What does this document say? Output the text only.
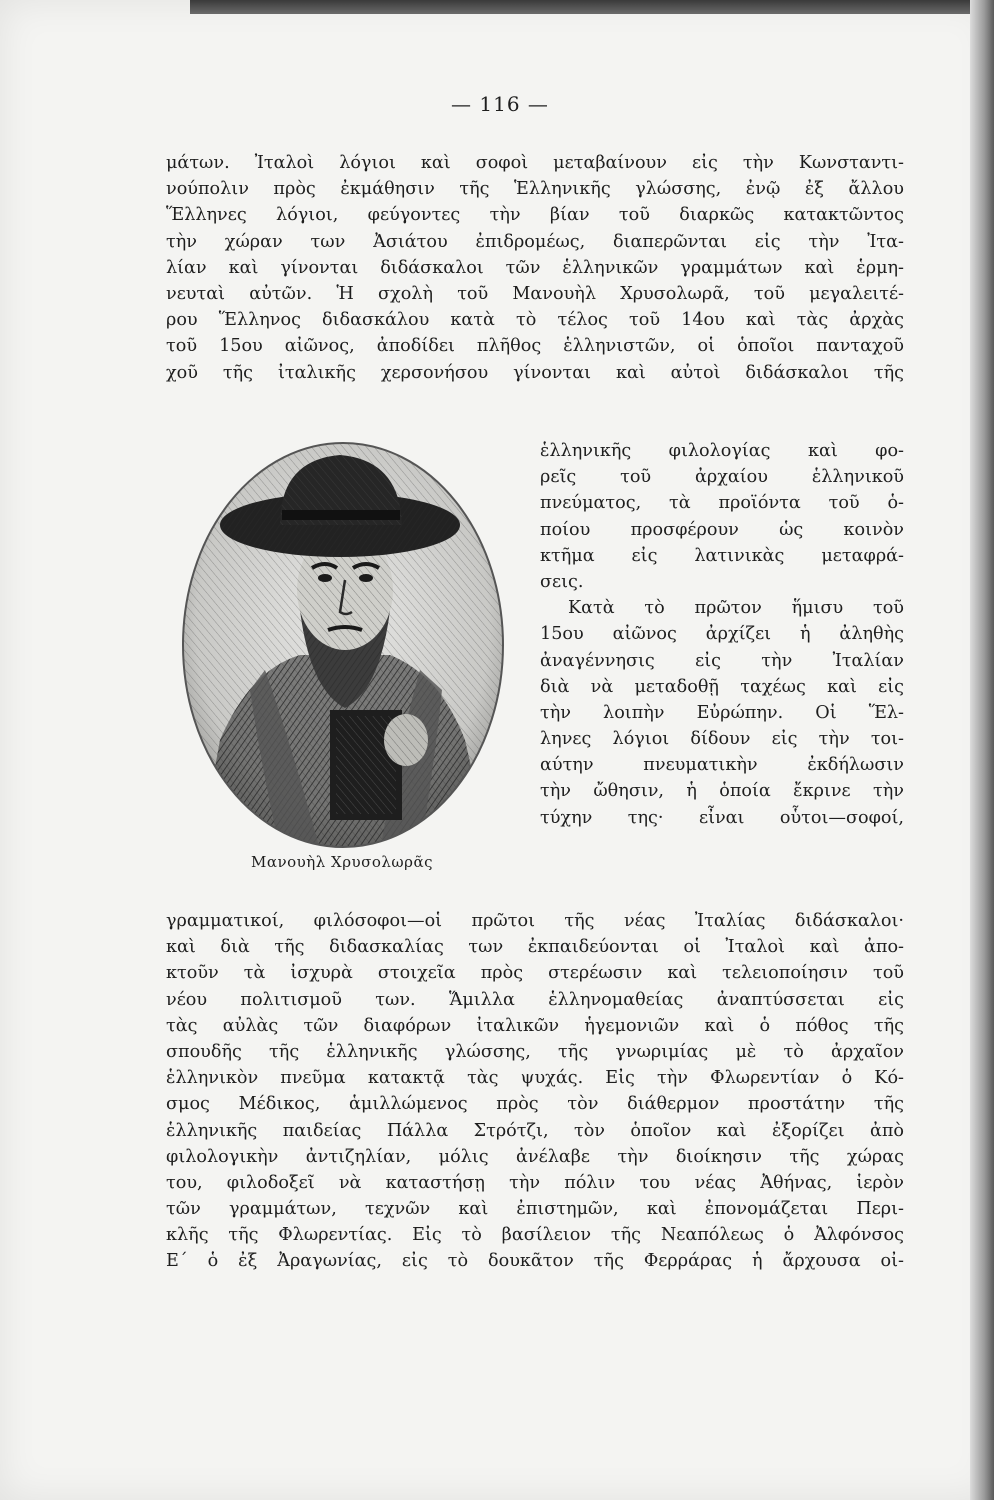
— 116 —
μάτων. Ἰταλοὶ λόγιοι καὶ σοφοὶ μεταβαίνουν εἰς τὴν Κωνσταντι-
νούπολιν πρὸς ἐκμάθησιν τῆς Ἑλληνικῆς γλώσσης, ἐνῷ ἐξ ἄλλου
Ἕλληνες λόγιοι, φεύγοντες τὴν βίαν τοῦ διαρκῶς κατακτῶντος
τὴν χώραν των Ἀσιάτου ἐπιδρομέως, διαπερῶνται εἰς τὴν Ἰτα-
λίαν καὶ γίνονται διδάσκαλοι τῶν ἑλληνικῶν γραμμάτων καὶ ἑρμη-
νευταὶ αὐτῶν. Ἡ σχολὴ τοῦ Μανουὴλ Χρυσολωρᾶ, τοῦ μεγαλειτέ-
ρου Ἕλληνος διδασκάλου κατὰ τὸ τέλος τοῦ 14ου καὶ τὰς ἀρχὰς
τοῦ 15ου αἰῶνος, ἀποδίδει πλῆθος ἑλληνιστῶν, οἱ ὁποῖοι πανταχοῦ
χοῦ τῆς ἰταλικῆς χερσονήσου γίνονται καὶ αὐτοὶ διδάσκαλοι τῆς
Μανουὴλ Χρυσολωρᾶς
ἑλληνικῆς φιλολογίας καὶ φο-
ρεῖς τοῦ ἀρχαίου ἑλληνικοῦ
πνεύματος, τὰ προϊόντα τοῦ ὁ-
ποίου προσφέρουν ὡς κοινὸν
κτῆμα εἰς λατινικὰς μεταφρά-
σεις.
Κατὰ τὸ πρῶτον ἥμισυ τοῦ
15ου αἰῶνος ἀρχίζει ἡ ἀληθὴς
ἀναγέννησις εἰς τὴν Ἰταλίαν
διὰ νὰ μεταδοθῇ ταχέως καὶ εἰς
τὴν λοιπὴν Εὐρώπην. Οἱ Ἕλ-
ληνες λόγιοι δίδουν εἰς τὴν τοι-
αύτην πνευματικὴν ἐκδήλωσιν
τὴν ὤθησιν, ἡ ὁποία ἔκρινε τὴν
τύχην της· εἶναι οὗτοι—σοφοί,
γραμματικοί, φιλόσοφοι—οἱ πρῶτοι τῆς νέας Ἰταλίας διδάσκαλοι·
καὶ διὰ τῆς διδασκαλίας των ἐκπαιδεύονται οἱ Ἰταλοὶ καὶ ἀπο-
κτοῦν τὰ ἰσχυρὰ στοιχεῖα πρὸς στερέωσιν καὶ τελειοποίησιν τοῦ
νέου πολιτισμοῦ των. Ἅμιλλα ἑλληνομαθείας ἀναπτύσσεται εἰς
τὰς αὐλὰς τῶν διαφόρων ἰταλικῶν ἡγεμονιῶν καὶ ὁ πόθος τῆς
σπουδῆς τῆς ἑλληνικῆς γλώσσης, τῆς γνωριμίας μὲ τὸ ἀρχαῖον
ἑλληνικὸν πνεῦμα κατακτᾷ τὰς ψυχάς. Εἰς τὴν Φλωρεντίαν ὁ Κό-
σμος Μέδικος, ἁμιλλώμενος πρὸς τὸν διάθερμον προστάτην τῆς
ἑλληνικῆς παιδείας Πάλλα Στρότζι, τὸν ὁποῖον καὶ ἐξορίζει ἀπὸ
φιλολογικὴν ἀντιζηλίαν, μόλις ἀνέλαβε τὴν διοίκησιν τῆς χώρας
του, φιλοδοξεῖ νὰ καταστήσῃ τὴν πόλιν του νέας Ἀθήνας, ἱερὸν
τῶν γραμμάτων, τεχνῶν καὶ ἐπιστημῶν, καὶ ἐπονομάζεται Περι-
κλῆς τῆς Φλωρεντίας. Εἰς τὸ βασίλειον τῆς Νεαπόλεως ὁ Ἀλφόνσος
Ε΄ ὁ ἐξ Ἀραγωνίας, εἰς τὸ δουκᾶτον τῆς Φερράρας ἡ ἄρχουσα οἰ-
